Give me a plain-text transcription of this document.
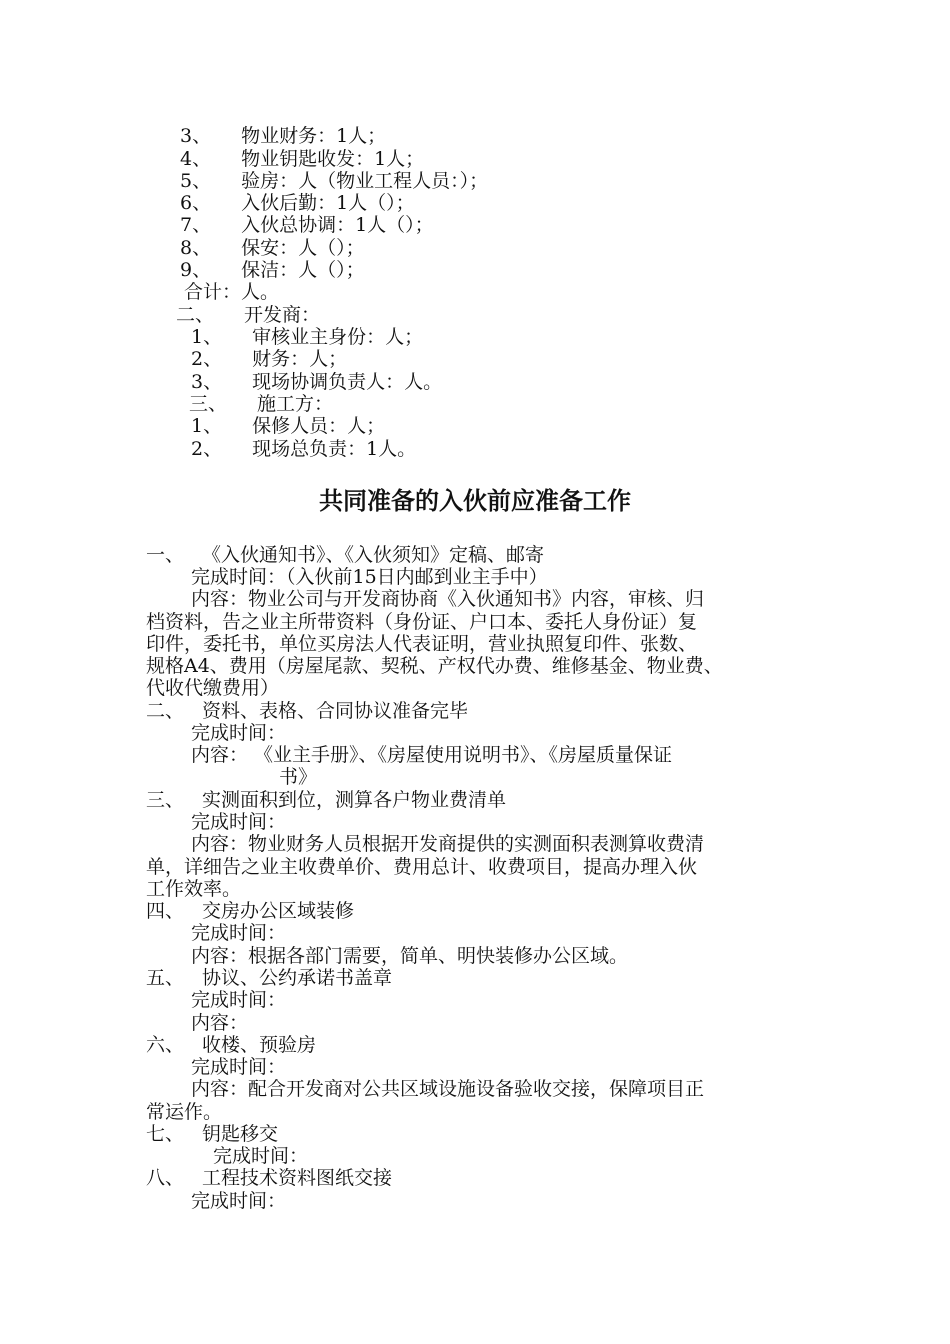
3、 物业财务：1人；
4、 物业钥匙收发：1人；
5、 验房：人（物业工程人员：）；
6、 入伙后勤：1人（）；
7、 入伙总协调：1人（）；
8、 保安：人（）；
9、 保洁：人（）；
合计：人。
二、 开发商：
1、 审核业主身份：人；
2、 财务：人；
3、 现场协调负责人：人。
三、 施工方：
1、 保修人员：人；
2、 现场总负责：1人。
共同准备的入伙前应准备工作
一、 《入伙通知书》、《入伙须知》定稿、邮寄
完成时间：（入伙前15日内邮到业主手中）
内容：物业公司与开发商协商《入伙通知书》内容，审核、归
档资料，告之业主所带资料（身份证、户口本、委托人身份证）复
印件，委托书，单位买房法人代表证明，营业执照复印件、张数、
规格A4、费用（房屋尾款、契税、产权代办费、维修基金、物业费、
代收代缴费用）
二、 资料、表格、合同协议准备完毕
完成时间：
内容： 《业主手册》、《房屋使用说明书》、《房屋质量保证
书》
三、 实测面积到位，测算各户物业费清单
完成时间：
内容：物业财务人员根据开发商提供的实测面积表测算收费清
单，详细告之业主收费单价、费用总计、收费项目，提高办理入伙
工作效率。
四、 交房办公区域装修
完成时间：
内容：根据各部门需要，简单、明快装修办公区域。
五、 协议、公约承诺书盖章
完成时间：
内容：
六、 收楼、预验房
完成时间：
内容：配合开发商对公共区域设施设备验收交接，保障项目正
常运作。
七、 钥匙移交
完成时间：
八、 工程技术资料图纸交接
完成时间：
